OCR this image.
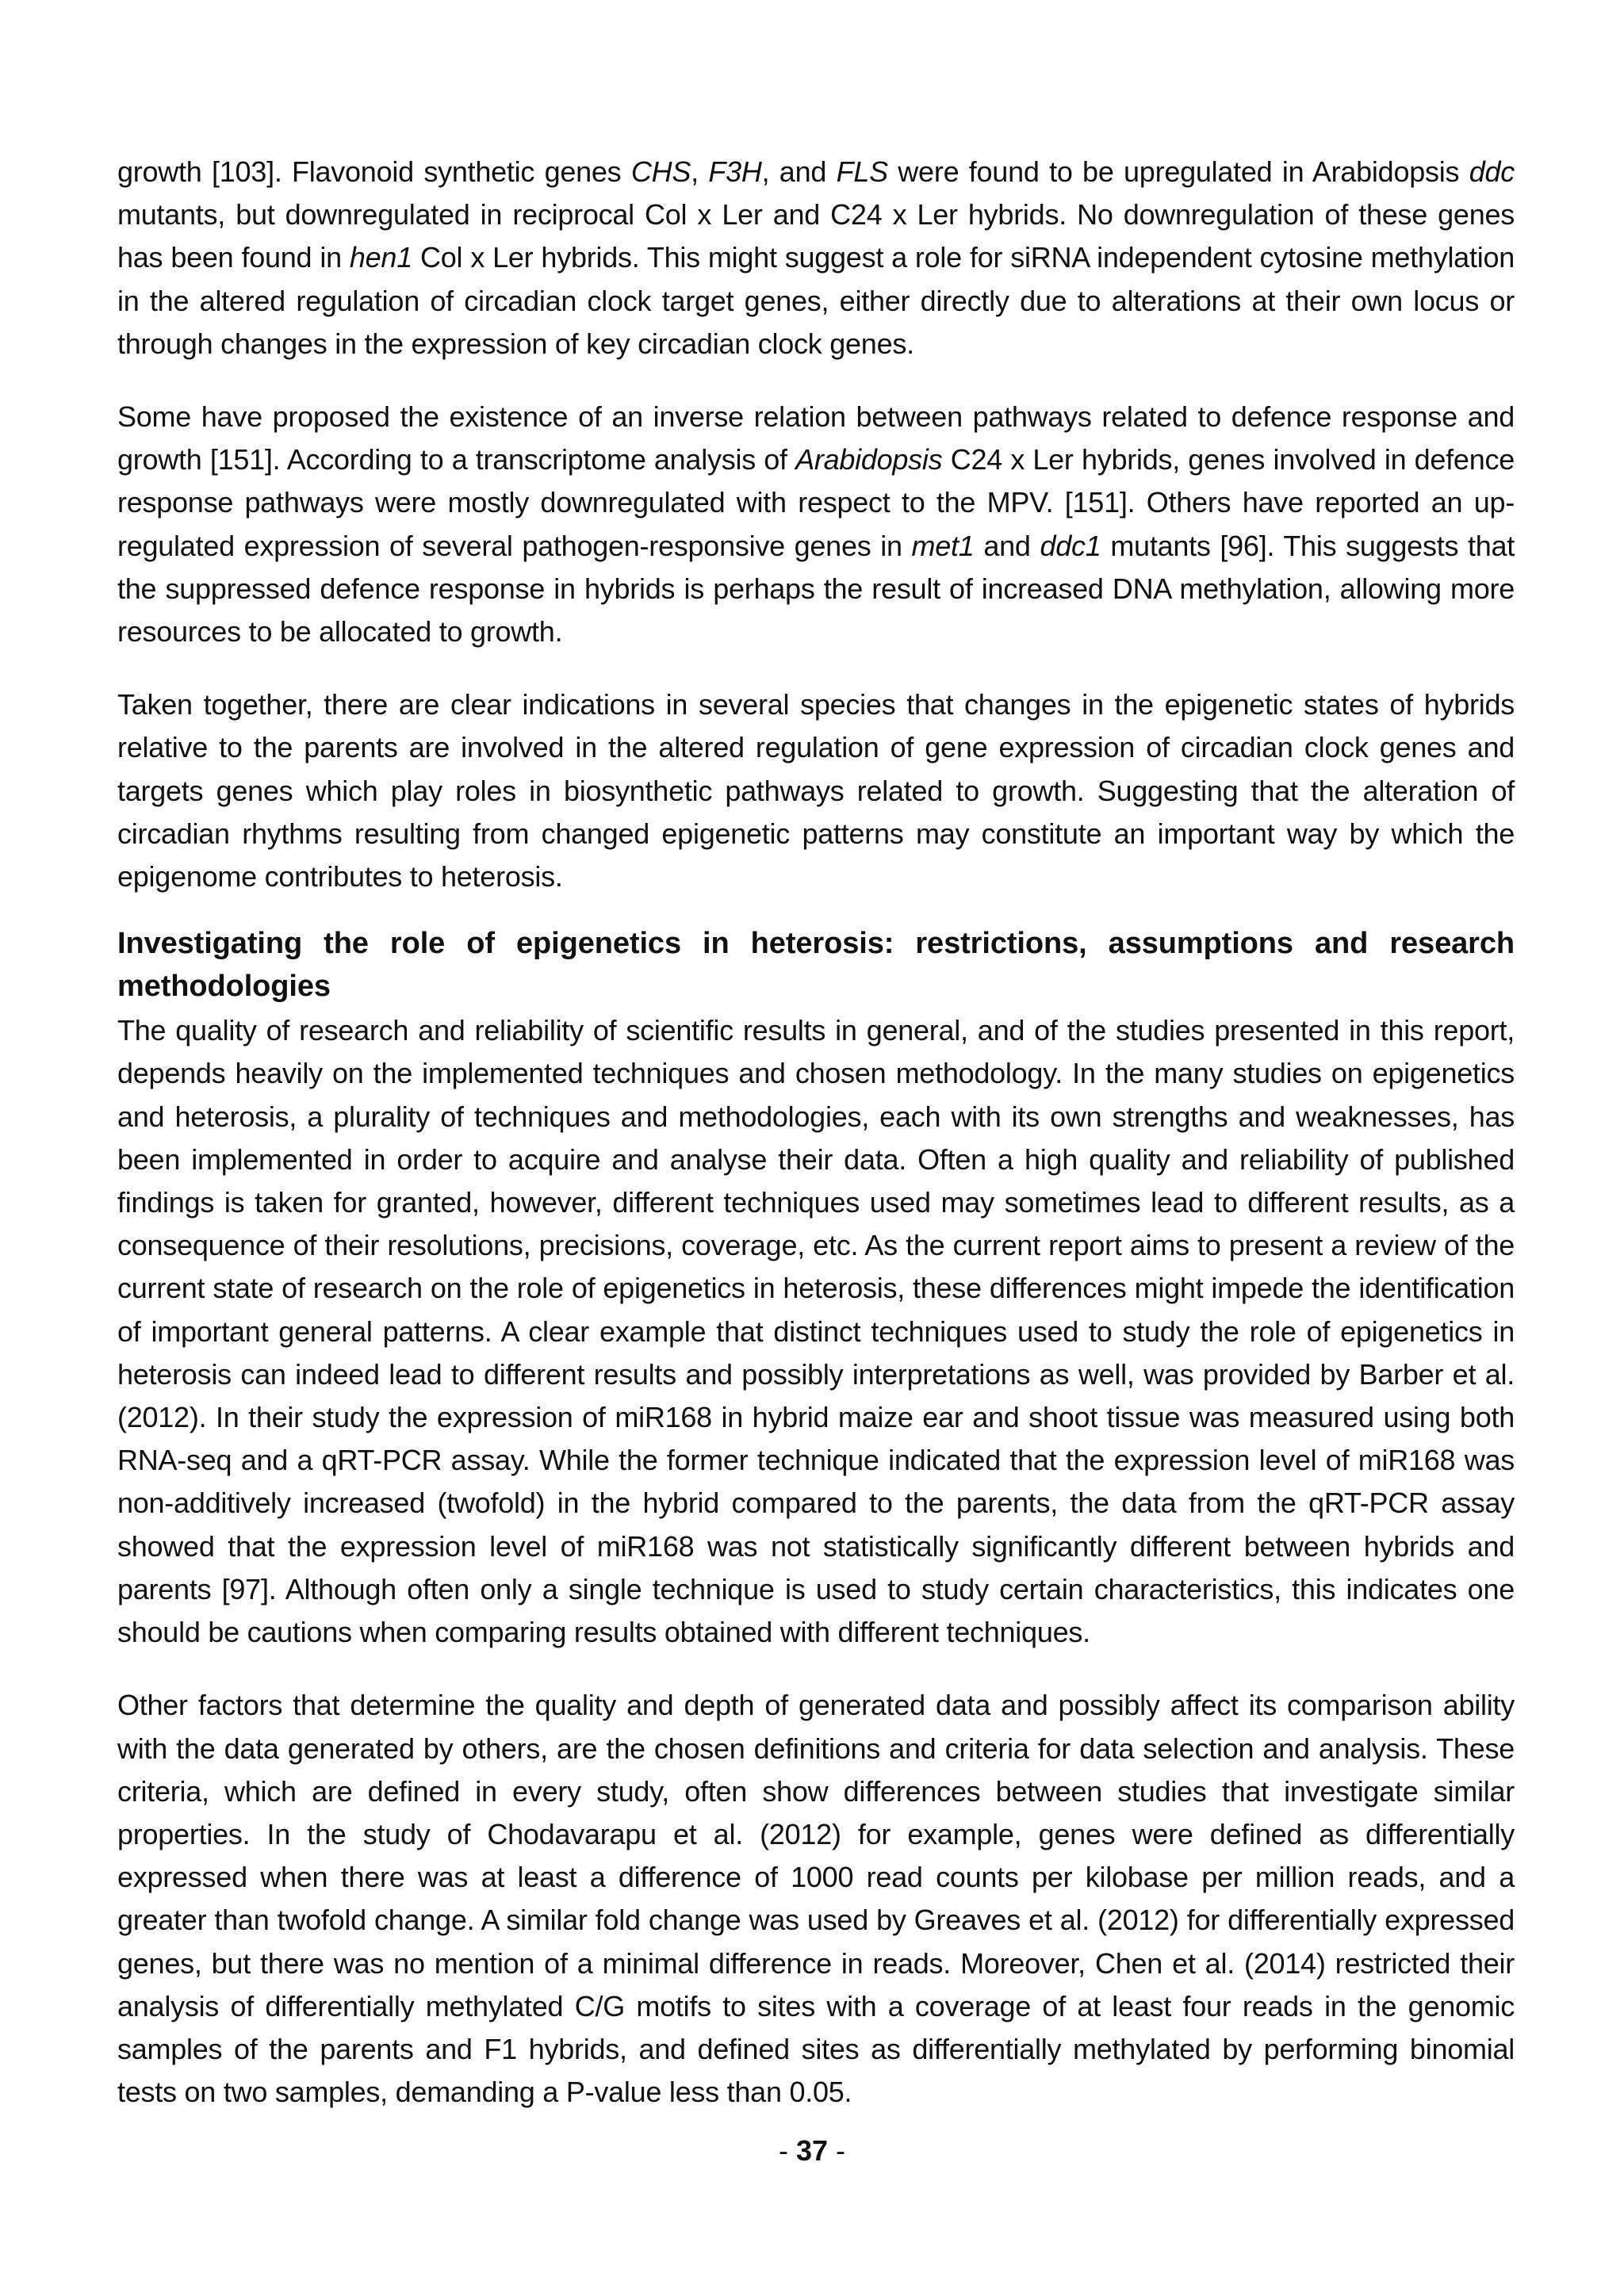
growth [103]. Flavonoid synthetic genes CHS, F3H, and FLS were found to be upregulated in Arabidopsis ddc mutants, but downregulated in reciprocal Col x Ler and C24 x Ler hybrids. No downregulation of these genes has been found in hen1 Col x Ler hybrids. This might suggest a role for siRNA independent cytosine methylation in the altered regulation of circadian clock target genes, either directly due to alterations at their own locus or through changes in the expression of key circadian clock genes.

Some have proposed the existence of an inverse relation between pathways related to defence response and growth [151]. According to a transcriptome analysis of Arabidopsis C24 x Ler hybrids, genes involved in defence response pathways were mostly downregulated with respect to the MPV. [151]. Others have reported an up-regulated expression of several pathogen-responsive genes in met1 and ddc1 mutants [96]. This suggests that the suppressed defence response in hybrids is perhaps the result of increased DNA methylation, allowing more resources to be allocated to growth.

Taken together, there are clear indications in several species that changes in the epigenetic states of hybrids relative to the parents are involved in the altered regulation of gene expression of circadian clock genes and targets genes which play roles in biosynthetic pathways related to growth. Suggesting that the alteration of circadian rhythms resulting from changed epigenetic patterns may constitute an important way by which the epigenome contributes to heterosis.

Investigating the role of epigenetics in heterosis: restrictions, assumptions and research methodologies

The quality of research and reliability of scientific results in general, and of the studies presented in this report, depends heavily on the implemented techniques and chosen methodology. In the many studies on epigenetics and heterosis, a plurality of techniques and methodologies, each with its own strengths and weaknesses, has been implemented in order to acquire and analyse their data. Often a high quality and reliability of published findings is taken for granted, however, different techniques used may sometimes lead to different results, as a consequence of their resolutions, precisions, coverage, etc. As the current report aims to present a review of the current state of research on the role of epigenetics in heterosis, these differences might impede the identification of important general patterns. A clear example that distinct techniques used to study the role of epigenetics in heterosis can indeed lead to different results and possibly interpretations as well, was provided by Barber et al. (2012). In their study the expression of miR168 in hybrid maize ear and shoot tissue was measured using both RNA-seq and a qRT-PCR assay. While the former technique indicated that the expression level of miR168 was non-additively increased (twofold) in the hybrid compared to the parents, the data from the qRT-PCR assay showed that the expression level of miR168 was not statistically significantly different between hybrids and parents [97]. Although often only a single technique is used to study certain characteristics, this indicates one should be cautions when comparing results obtained with different techniques.

Other factors that determine the quality and depth of generated data and possibly affect its comparison ability with the data generated by others, are the chosen definitions and criteria for data selection and analysis. These criteria, which are defined in every study, often show differences between studies that investigate similar properties. In the study of Chodavarapu et al. (2012) for example, genes were defined as differentially expressed when there was at least a difference of 1000 read counts per kilobase per million reads, and a greater than twofold change. A similar fold change was used by Greaves et al. (2012) for differentially expressed genes, but there was no mention of a minimal difference in reads. Moreover, Chen et al. (2014) restricted their analysis of differentially methylated C/G motifs to sites with a coverage of at least four reads in the genomic samples of the parents and F1 hybrids, and defined sites as differentially methylated by performing binomial tests on two samples, demanding a P-value less than 0.05.

- 37 -
